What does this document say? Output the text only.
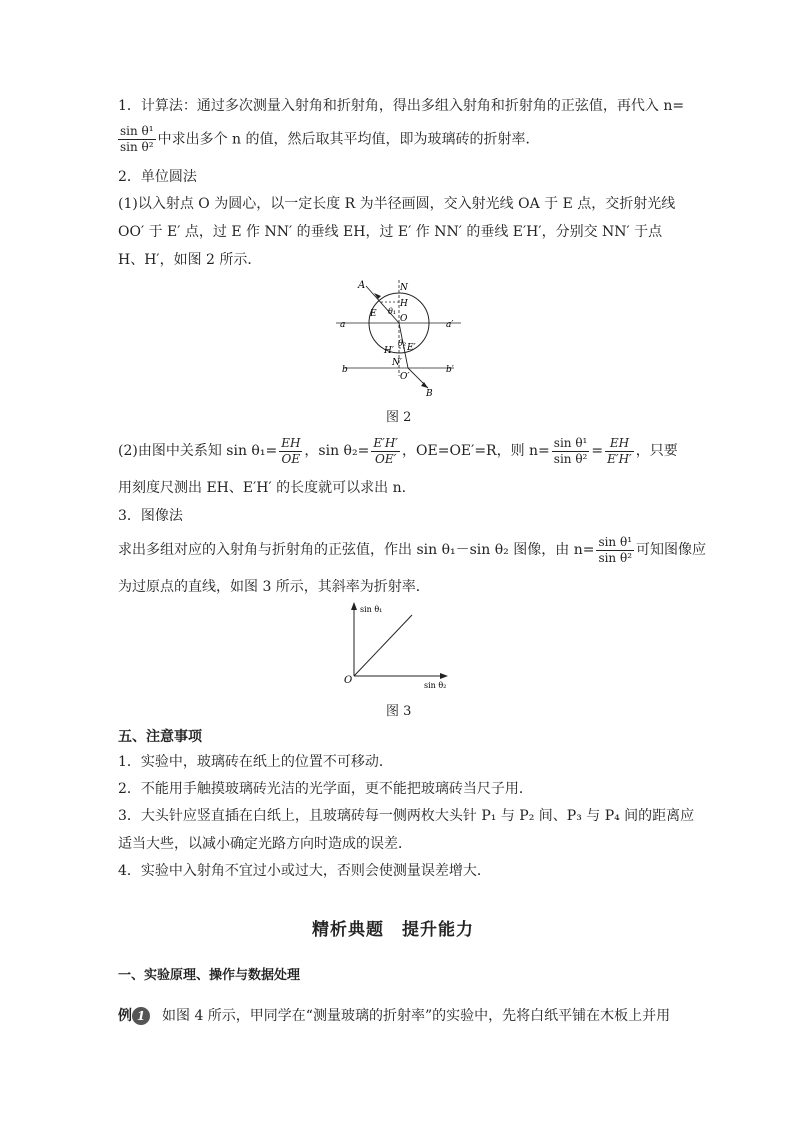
1．计算法：通过多次测量入射角和折射角，得出多组入射角和折射角的正弦值，再代入 n=
$\frac{\text{sin θ¹}}{\text{sin θ²}}$ 中求出多个 n 的值，然后取其平均值，即为玻璃砖的折射率．
2．单位圆法
(1)以入射点 O 为圆心，以一定长度 R 为半径画圆，交入射光线 OA 于 E 点，交折射光线
OO′ 于 E′ 点，过 E 作 NN′ 的垂线 EH，过 E′ 作 NN′ 的垂线 E′H′，分别交 NN′ 于点
H、H′，如图 2 所示．
A	N
H
E θ₁
O
a	a′
E′
θ₂
H′
N′
b	b′
O′
B
图 2
(2)由图中关系知 $\sin \theta_1= \frac{EH}{OE}$ ，$\sin \theta_2= \frac{E'H'}{OE'}$ ，OE=OE′=R，则 $n= \frac{\text{sin θ¹}}{\text{sin θ²}} = \frac{EH}{E'H'}$ ，只要
用刻度尺测出 EH、E′H′ 的长度就可以求出 n.
3．图像法
求出多组对应的入射角与折射角的正弦值，作出 sin θ₁－sin θ₂ 图像，由 $n= \frac{\text{sin θ¹}}{\text{sin θ²}}$ 可知图像应
为过原点的直线，如图 3 所示，其斜率为折射率．
sin θ₁
sin θ₂
O
图 3
五、注意事项
1．实验中，玻璃砖在纸上的位置不可移动．
2．不能用手触摸玻璃砖光洁的光学面，更不能把玻璃砖当尺子用．
3．大头针应竖直插在白纸上，且玻璃砖每一侧两枚大头针 P₁ 与 P₂ 间、P₃ 与 P₄ 间的距离应
适当大些，以减小确定光路方向时造成的误差．
4．实验中入射角不宜过小或过大，否则会使测量误差增大．
精析典题　提升能力
一、实验原理、操作与数据处理
例 1 如图 4 所示，甲同学在“测量玻璃的折射率”的实验中，先将白纸平铺在木板上并用
